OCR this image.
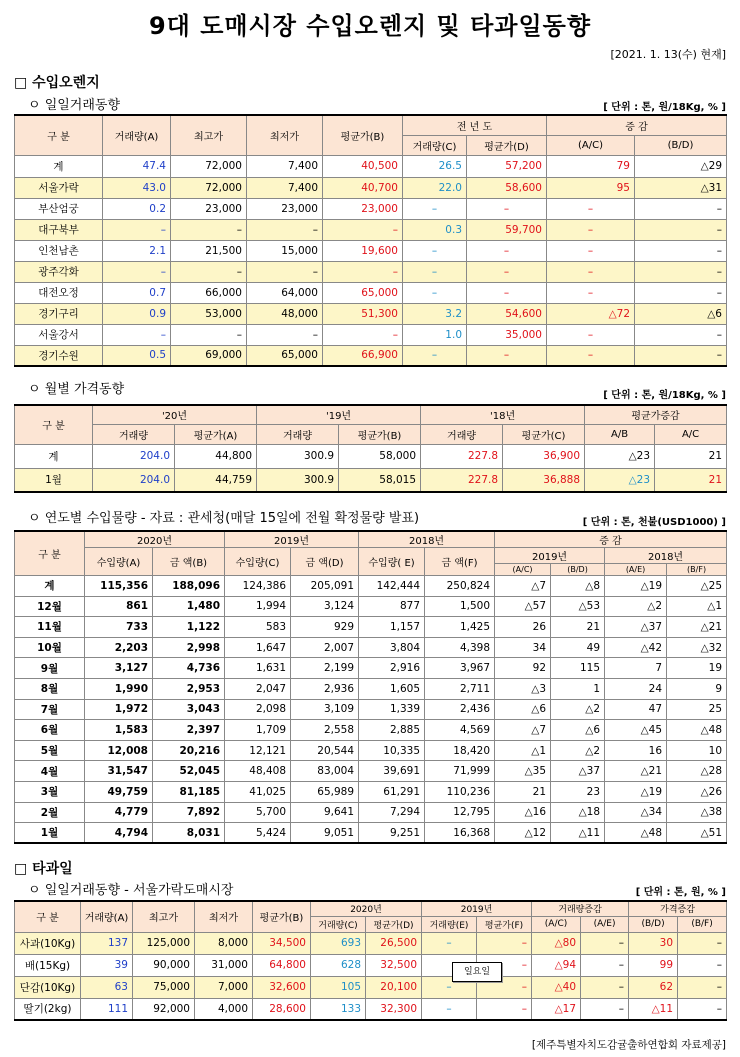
9대 도매시장 수입오렌지 및 타과일동향
[2021. 1. 13(수) 현재]
□ 수입오렌지
ㅇ 일일거래동향	[ 단위 : 톤, 원/18Kg, % ]
구 분	거래량(A)	최고가	최저가	평균가(B)	전 년 도		증 감	
					거래량(C)	평균가(D)	(A/C)	(B/D)
계	47.4	72,000	7,400	40,500	26.5	57,200	79	△29
서울가락	43.0	72,000	7,400	40,700	22.0	58,600	95	△31
부산엄궁	0.2	23,000	23,000	23,000	–	–	–	–
대구북부	–	–	–	–	0.3	59,700	–	–
인천남촌	2.1	21,500	15,000	19,600	–	–	–	–
광주각화	–	–	–	–	–	–	–	–
대전오정	0.7	66,000	64,000	65,000	–	–	–	–
경기구리	0.9	53,000	48,000	51,300	3.2	54,600	△72	△6
서울강서	–	–	–	–	1.0	35,000	–	–
경기수원	0.5	69,000	65,000	66,900	–	–	–	–
ㅇ 월별 가격동향	[ 단위 : 톤, 원/18Kg, % ]
구 분	'20년		'19년		'18년		평균가증감	
	거래량	평균가(A)	거래량	평균가(B)	거래량	평균가(C)	A/B	A/C
계	204.0	44,800	300.9	58,000	227.8	36,900	△23	21
1월	204.0	44,759	300.9	58,015	227.8	36,888	△23	21
ㅇ 연도별 수입물량 - 자료 : 관세청(매달 15일에 전월 확정물량 발표)	[ 단위 : 톤, 천불(USD1000) ]
구 분	2020년		2019년		2018년		증 감			
	수입량(A)	금 액(B)	수입량(C)	금 액(D)	수입량( E)	금 액(F)	2019년		2018년	
							(A/C)	(B/D)	(A/E)	(B/F)
계	115,356	188,096	124,386	205,091	142,444	250,824	△7	△8	△19	△25
12월	861	1,480	1,994	3,124	877	1,500	△57	△53	△2	△1
11월	733	1,122	583	929	1,157	1,425	26	21	△37	△21
10월	2,203	2,998	1,647	2,007	3,804	4,398	34	49	△42	△32
9월	3,127	4,736	1,631	2,199	2,916	3,967	92	115	7	19
8월	1,990	2,953	2,047	2,936	1,605	2,711	△3	1	24	9
7월	1,972	3,043	2,098	3,109	1,339	2,436	△6	△2	47	25
6월	1,583	2,397	1,709	2,558	2,885	4,569	△7	△6	△45	△48
5월	12,008	20,216	12,121	20,544	10,335	18,420	△1	△2	16	10
4월	31,547	52,045	48,408	83,004	39,691	71,999	△35	△37	△21	△28
3월	49,759	81,185	41,025	65,989	61,291	110,236	21	23	△19	△26
2월	4,779	7,892	5,700	9,641	7,294	12,795	△16	△18	△34	△38
1월	4,794	8,031	5,424	9,051	9,251	16,368	△12	△11	△48	△51
□ 타과일
ㅇ 일일거래동향 - 서울가락도매시장	[ 단위 : 톤, 원, % ]
구 분	거래량(A)	최고가	최저가	평균가(B)	2020년		2019년		거래량증감		가격증감	
					거래량(C)	평균가(D)	거래량(E)	평균가(F)	(A/C)	(A/E)	(B/D)	(B/F)
사과(10Kg)	137	125,000	8,000	34,500	693	26,500	–	–	△80	–	30	–
배(15Kg)	39	90,000	31,000	64,800	628	32,500		–	△94	–	99	–
단감(10Kg)	63	75,000	7,000	32,600	105	20,100	–	–	△40	–	62	–
딸기(2kg)	111	92,000	4,000	28,600	133	32,300	–	–	△17	–	△11	–
일요일
[제주특별자치도감귤출하연합회 자료제공]
